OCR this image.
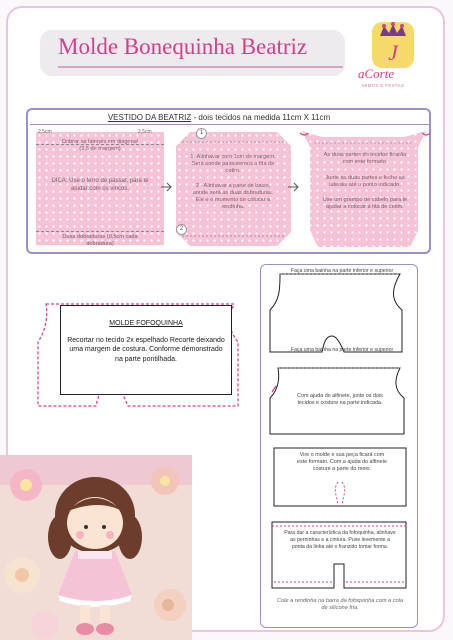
Molde Bonequinha Beatriz	J
aCorte
MIMOS E FESTAS
VESTIDO DA BEATRIZ - dois tecidos na medida 11cm X 11cm
2,5cm	2,5cm
Dobrar as laterais em diagonal (2,5 de margem)
DICA: Use o ferro de passar, para te ajudar com os vincos.
Duas dobraduras (0,5cm cada dobradura)
1
2
1- Alinhavar com 1cm de margem. Será aonde passaremos a fita de cetim.
2 - Alinhavar a parte de baixo, aonde será as duas dobraduras. Ele é o momento de colocar a rendinha.
As duas partes do tecidos ficarão com este formato.
Junte as duas partes e feche as laterais até o ponto indicado.
Use um grampo de cabelo para te ajudar a colocar a fita de cetim.
MOLDE FOFOQUINHA
Recortar no tecido 2x espelhado Recorte deixando uma margem de costura. Conforme demonstrado na parte pontilhada.
Faça uma bainha na parte inferior e superior
Faça uma bainha na parte inferior e superior
Com ajuda do alfinete, junte os dois tecidos e costure na parte indicada.
Vire o molde e sua peça ficará com este formato. Com a ajuda do alfinete costure a parte do meio.
Para dar a característica da fofoquinha, alinhave as perninhas e a cintura. Puxe levemente a ponta da linha até o franzido tomar forma.
Cole a rendinha na barra da fofoquinha com a cola de silicone fria.
